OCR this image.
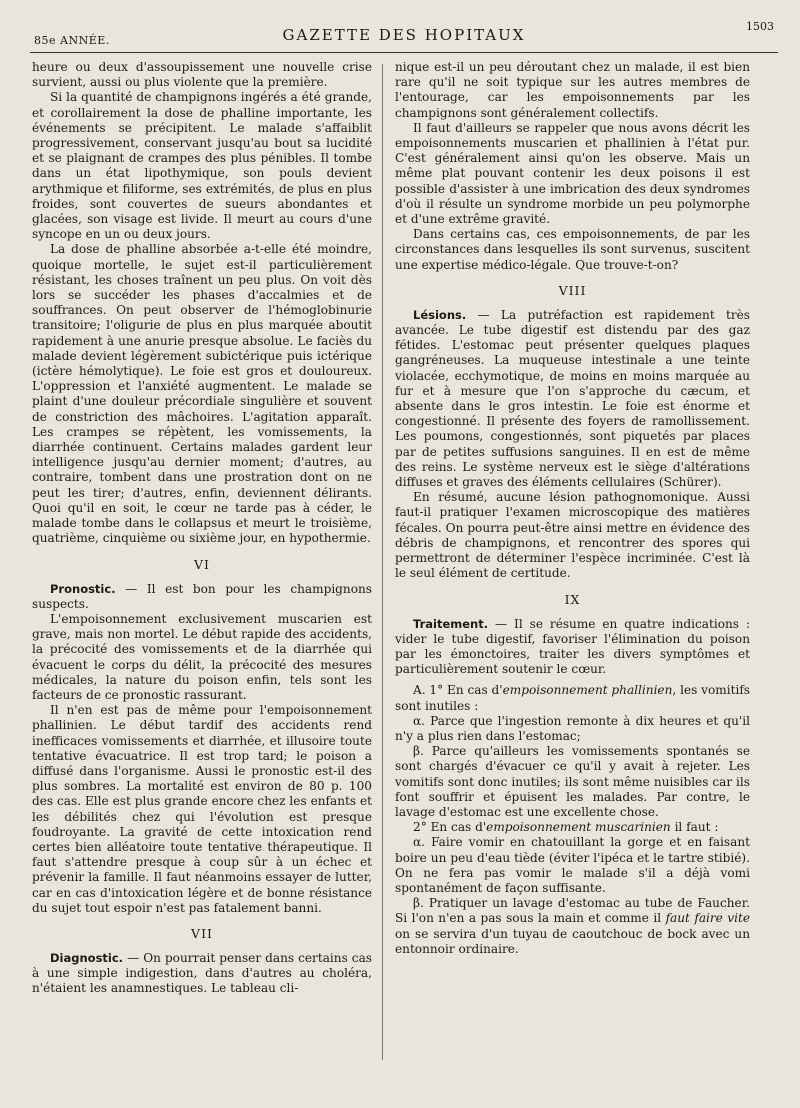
85e ANNÉE.	GAZETTE DES HOPITAUX	1503

heure ou deux d'assoupissement une nouvelle crise survient, aussi ou plus violente que la première.

Si la quantité de champignons ingérés a été grande, et corollairement la dose de phalline importante, les événements se précipitent. Le malade s'affaiblit progressivement, conservant jusqu'au bout sa lucidité et se plaignant de crampes des plus pénibles. Il tombe dans un état lipothymique, son pouls devient arythmique et filiforme, ses extrémités, de plus en plus froides, sont couvertes de sueurs abondantes et glacées, son visage est livide. Il meurt au cours d'une syncope en un ou deux jours.

La dose de phalline absorbée a-t-elle été moindre, quoique mortelle, le sujet est-il particulièrement résistant, les choses traînent un peu plus. On voit dès lors se succéder les phases d'accalmies et de souffrances. On peut observer de l'hémoglobinurie transitoire; l'oligurie de plus en plus marquée aboutit rapidement à une anurie presque absolue. Le faciès du malade devient légèrement subictérique puis ictérique (ictère hémolytique). Le foie est gros et douloureux. L'oppression et l'anxiété augmentent. Le malade se plaint d'une douleur précordiale singulière et souvent de constriction des mâchoires. L'agitation apparaît. Les crampes se répètent, les vomissements, la diarrhée continuent. Certains malades gardent leur intelligence jusqu'au dernier moment; d'autres, au contraire, tombent dans une prostration dont on ne peut les tirer; d'autres, enfin, deviennent délirants. Quoi qu'il en soit, le cœur ne tarde pas à céder, le malade tombe dans le collapsus et meurt le troisième, quatrième, cinquième ou sixième jour, en hypothermie.

VI

Pronostic. — Il est bon pour les champignons suspects.

L'empoisonnement exclusivement muscarien est grave, mais non mortel. Le début rapide des accidents, la précocité des vomissements et de la diarrhée qui évacuent le corps du délit, la précocité des mesures médicales, la nature du poison enfin, tels sont les facteurs de ce pronostic rassurant.

Il n'en est pas de même pour l'empoisonnement phallinien. Le début tardif des accidents rend inefficaces vomissements et diarrhée, et illusoire toute tentative évacuatrice. Il est trop tard; le poison a diffusé dans l'organisme. Aussi le pronostic est-il des plus sombres. La mortalité est environ de 80 p. 100 des cas. Elle est plus grande encore chez les enfants et les débilités chez qui l'évolution est presque foudroyante. La gravité de cette intoxication rend certes bien alléatoire toute tentative thérapeutique. Il faut s'attendre presque à coup sûr à un échec et prévenir la famille. Il faut néanmoins essayer de lutter, car en cas d'intoxication légère et de bonne résistance du sujet tout espoir n'est pas fatalement banni.

VII

Diagnostic. — On pourrait penser dans certains cas à une simple indigestion, dans d'autres au choléra, n'étaient les anamnestiques. Le tableau cli-

nique est-il un peu déroutant chez un malade, il est bien rare qu'il ne soit typique sur les autres membres de l'entourage, car les empoisonnements par les champignons sont généralement collectifs.

Il faut d'ailleurs se rappeler que nous avons décrit les empoisonnements muscarien et phallinien à l'état pur. C'est généralement ainsi qu'on les observe. Mais un même plat pouvant contenir les deux poisons il est possible d'assister à une imbrication des deux syndromes d'où il résulte un syndrome morbide un peu polymorphe et d'une extrême gravité.

Dans certains cas, ces empoisonnements, de par les circonstances dans lesquelles ils sont survenus, suscitent une expertise médico-légale. Que trouve-t-on?

VIII

Lésions. — La putréfaction est rapidement très avancée. Le tube digestif est distendu par des gaz fétides. L'estomac peut présenter quelques plaques gangréneuses. La muqueuse intestinale a une teinte violacée, ecchymotique, de moins en moins marquée au fur et à mesure que l'on s'approche du cæcum, et absente dans le gros intestin. Le foie est énorme et congestionné. Il présente des foyers de ramollissement. Les poumons, congestionnés, sont piquetés par places par de petites suffusions sanguines. Il en est de même des reins. Le système nerveux est le siège d'altérations diffuses et graves des éléments cellulaires (Schürer).

En résumé, aucune lésion pathognomonique. Aussi faut-il pratiquer l'examen microscopique des matières fécales. On pourra peut-être ainsi mettre en évidence des débris de champignons, et rencontrer des spores qui permettront de déterminer l'espèce incriminée. C'est là le seul élément de certitude.

IX

Traitement. — Il se résume en quatre indications : vider le tube digestif, favoriser l'élimination du poison par les émonctoires, traiter les divers symptômes et particulièrement soutenir le cœur.

A. 1° En cas d'empoisonnement phallinien, les vomitifs sont inutiles :

α. Parce que l'ingestion remonte à dix heures et qu'il n'y a plus rien dans l'estomac;

β. Parce qu'ailleurs les vomissements spontanés se sont chargés d'évacuer ce qu'il y avait à rejeter. Les vomitifs sont donc inutiles; ils sont même nuisibles car ils font souffrir et épuisent les malades. Par contre, le lavage d'estomac est une excellente chose.

2° En cas d'empoisonnement muscarinien il faut :

α. Faire vomir en chatouillant la gorge et en faisant boire un peu d'eau tiède (éviter l'ipéca et le tartre stibié). On ne fera pas vomir le malade s'il a déjà vomi spontanément de façon suffisante.

β. Pratiquer un lavage d'estomac au tube de Faucher. Si l'on n'en a pas sous la main et comme il faut faire vite on se servira d'un tuyau de caoutchouc de bock avec un entonnoir ordinaire.
